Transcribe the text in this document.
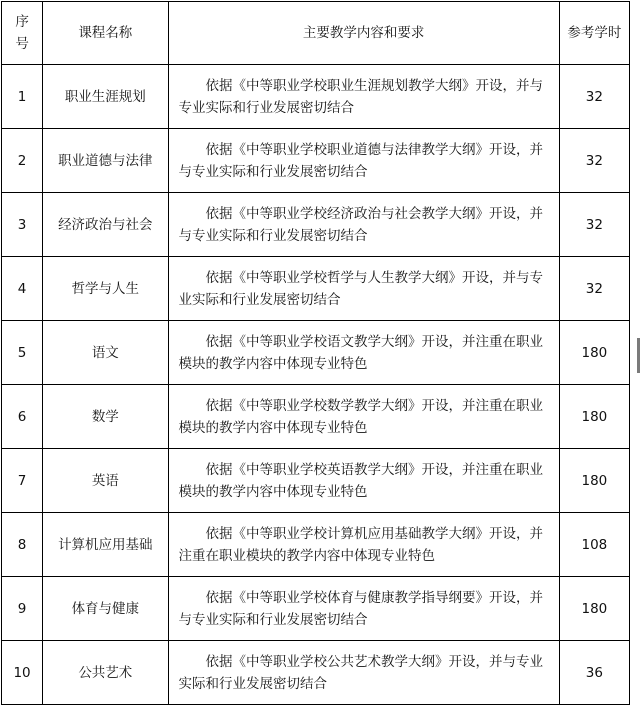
序号	课程名称	主要教学内容和要求	参考学时
1	职业生涯规划	依据《中等职业学校职业生涯规划教学大纲》开设，并与专业实际和行业发展密切结合	32
2	职业道德与法律	依据《中等职业学校职业道德与法律教学大纲》开设，并与专业实际和行业发展密切结合	32
3	经济政治与社会	依据《中等职业学校经济政治与社会教学大纲》开设，并与专业实际和行业发展密切结合	32
4	哲学与人生	依据《中等职业学校哲学与人生教学大纲》开设，并与专业实际和行业发展密切结合	32
5	语文	依据《中等职业学校语文教学大纲》开设，并注重在职业模块的教学内容中体现专业特色	180
6	数学	依据《中等职业学校数学教学大纲》开设，并注重在职业模块的教学内容中体现专业特色	180
7	英语	依据《中等职业学校英语教学大纲》开设，并注重在职业模块的教学内容中体现专业特色	180
8	计算机应用基础	依据《中等职业学校计算机应用基础教学大纲》开设，并注重在职业模块的教学内容中体现专业特色	108
9	体育与健康	依据《中等职业学校体育与健康教学指导纲要》开设，并与专业实际和行业发展密切结合	180
10	公共艺术	依据《中等职业学校公共艺术教学大纲》开设，并与专业实际和行业发展密切结合	36
